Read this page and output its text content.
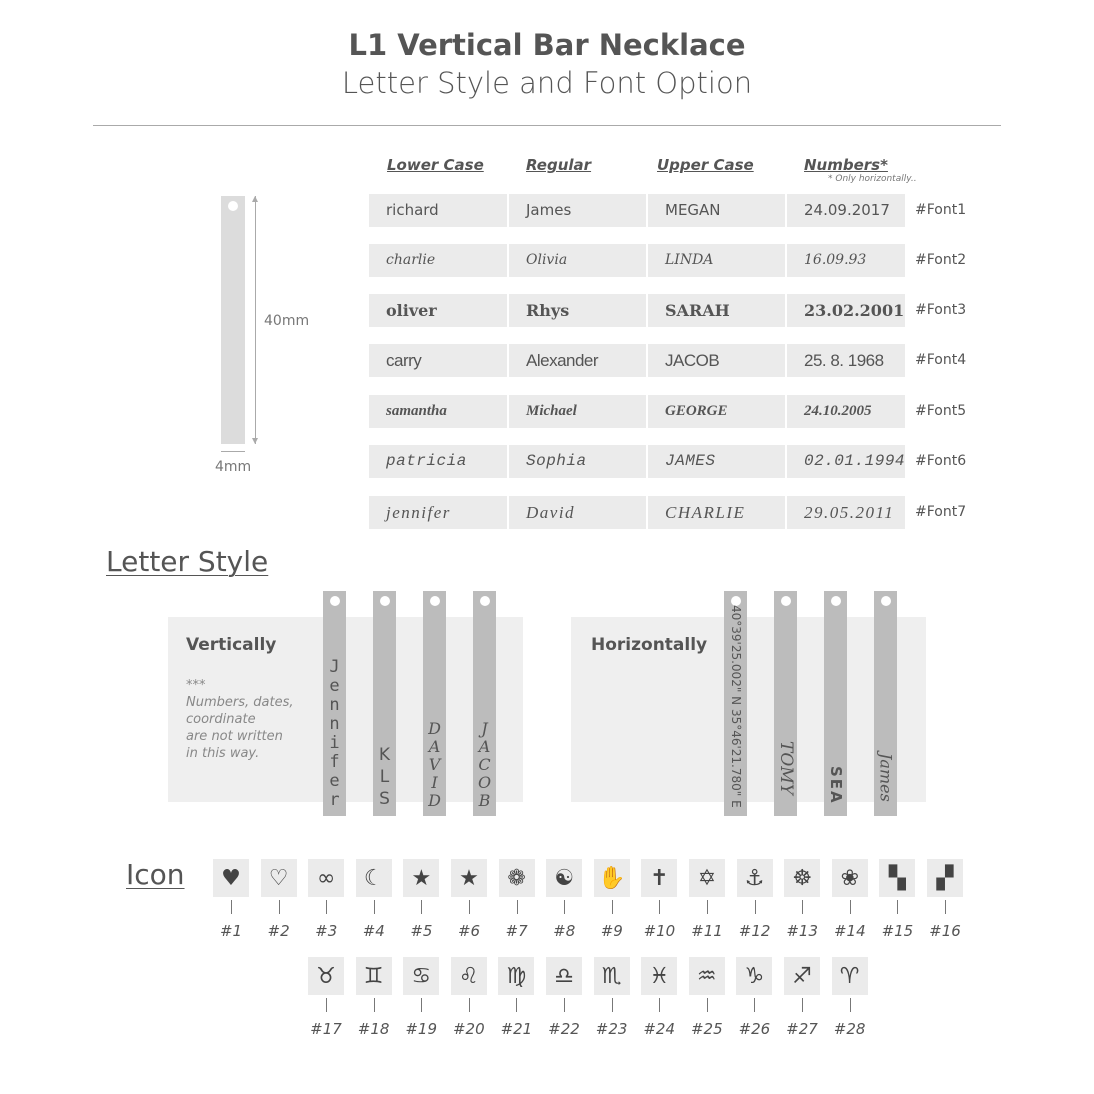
L1 Vertical Bar Necklace
Letter Style and Font Option
40mm
4mm
Lower Case	Regular	Upper Case	Numbers*
* Only horizontally..
richard	James	MEGAN	24.09.2017	#Font1
charlie	Olivia	LINDA	16.09.93	#Font2
oliver	Rhys	SARAH	23.02.2001 #Font3
carry	Alexander	JACOB	25. 8. 1968	#Font4
samantha	Michael	GEORGE	24.10.2005	#Font5
patricia	Sophia	JAMES	02.01.1994 #Font6
jennifer	David	CHARLIE	29.05.2011	#Font7
Letter Style
Vertically
***
Numbers, dates,
coordinate
are not written
in this way.
Horizontally
J
e
n
n
i
f
e
r
K
L
S
D
A
V
I
D
J
A
C
O
B	40°39'25.002" N 35°46'21.780" E TOMY SEA James
Icon	♥
#1
♡
#2
∞
#3
☾
#4
★
#5
★
#6
❁
#7
☯
#8
✋
#9
✝
#10
✡
#11
⚓
#12
☸
#13
❀
#14
▚
#15
▞
#16
♉
#17
♊
#18
♋
#19
♌
#20
♍
#21
♎
#22
♏
#23
♓
#24
♒
#25
♑
#26
♐
#27
♈
#28
